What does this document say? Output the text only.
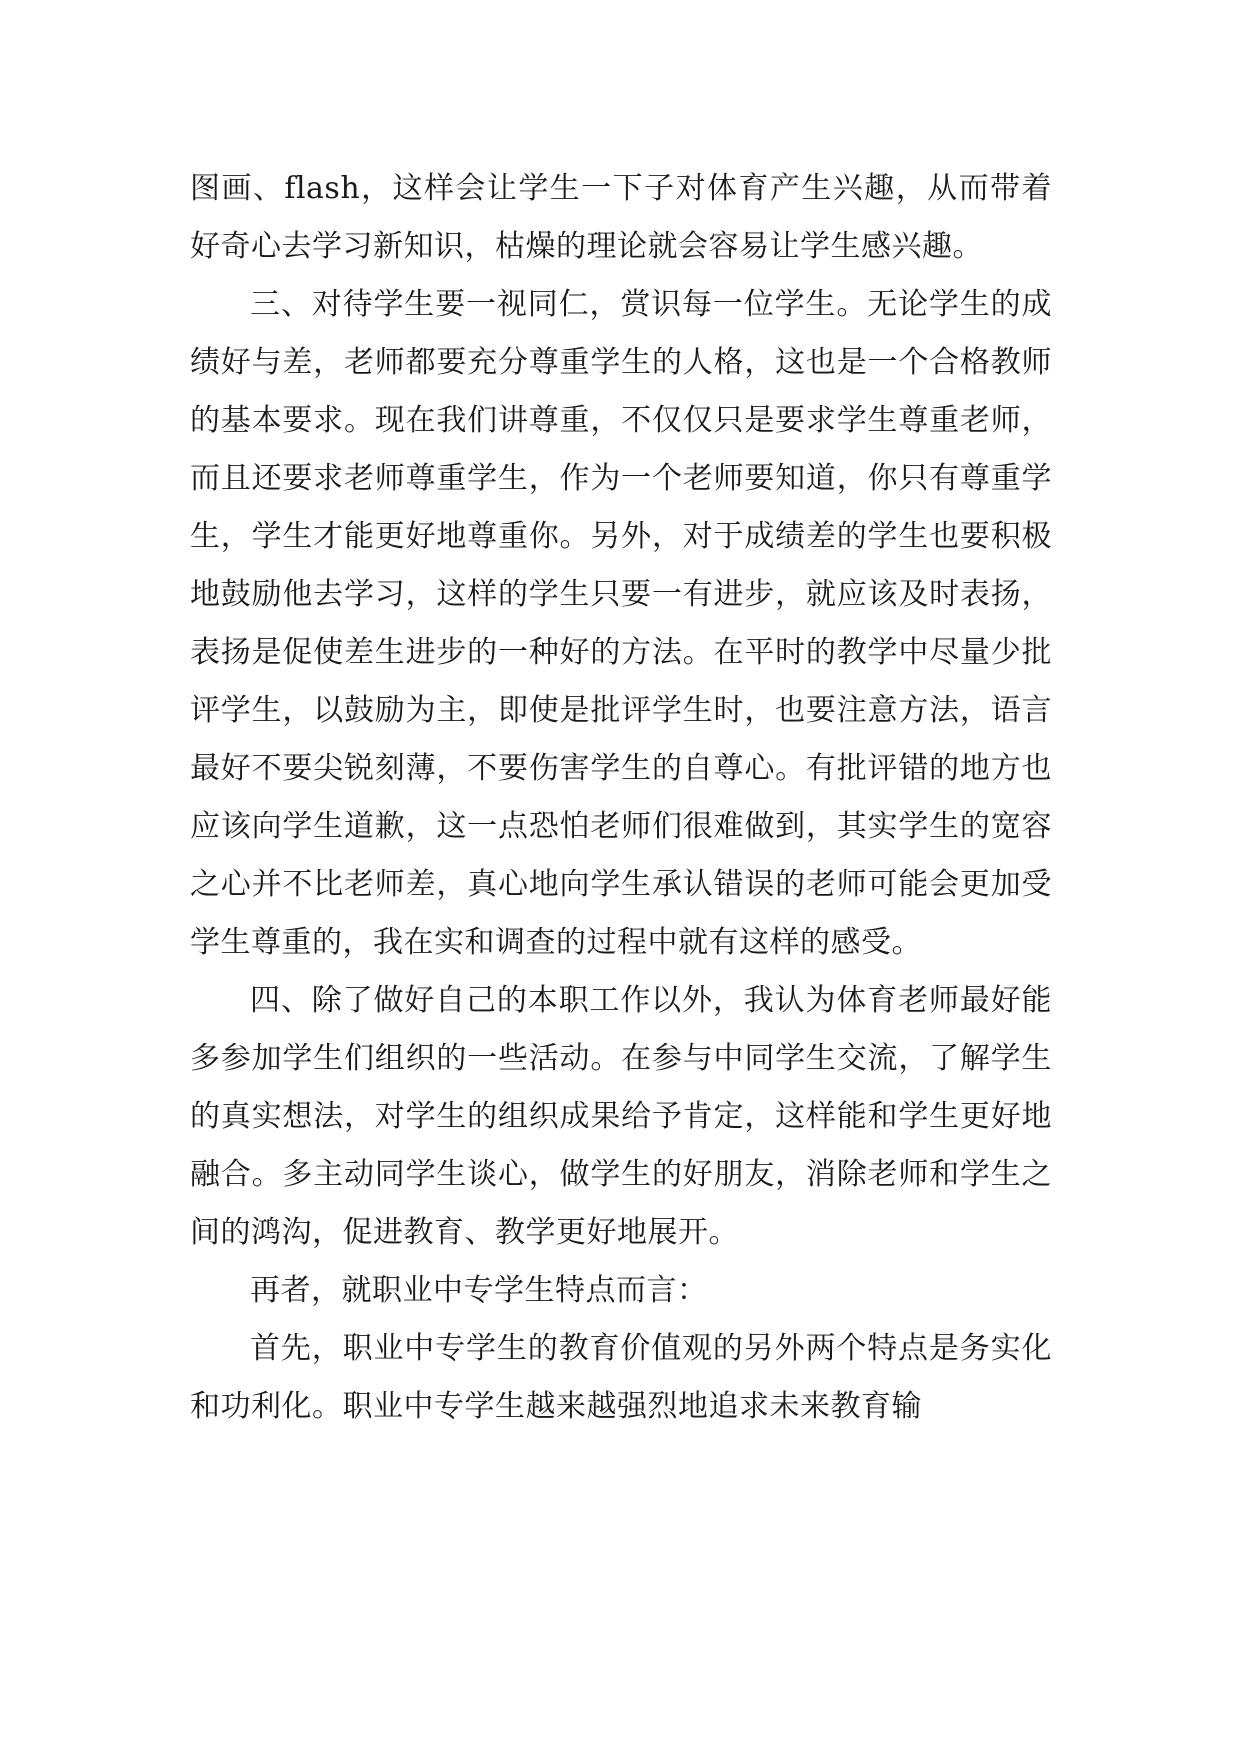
图画、flash，这样会让学生一下子对体育产生兴趣，从而带着好奇心去学习新知识，枯燥的理论就会容易让学生感兴趣。

三、对待学生要一视同仁，赏识每一位学生。无论学生的成绩好与差，老师都要充分尊重学生的人格，这也是一个合格教师的基本要求。现在我们讲尊重，不仅仅只是要求学生尊重老师，而且还要求老师尊重学生，作为一个老师要知道，你只有尊重学生，学生才能更好地尊重你。另外，对于成绩差的学生也要积极地鼓励他去学习，这样的学生只要一有进步，就应该及时表扬，表扬是促使差生进步的一种好的方法。在平时的教学中尽量少批评学生，以鼓励为主，即使是批评学生时，也要注意方法，语言最好不要尖锐刻薄，不要伤害学生的自尊心。有批评错的地方也应该向学生道歉，这一点恐怕老师们很难做到，其实学生的宽容之心并不比老师差，真心地向学生承认错误的老师可能会更加受学生尊重的，我在实和调查的过程中就有这样的感受。

四、除了做好自己的本职工作以外，我认为体育老师最好能多参加学生们组织的一些活动。在参与中同学生交流，了解学生的真实想法，对学生的组织成果给予肯定，这样能和学生更好地融合。多主动同学生谈心，做学生的好朋友，消除老师和学生之间的鸿沟，促进教育、教学更好地展开。

再者，就职业中专学生特点而言：

首先，职业中专学生的教育价值观的另外两个特点是务实化和功利化。职业中专学生越来越强烈地追求未来教育输
